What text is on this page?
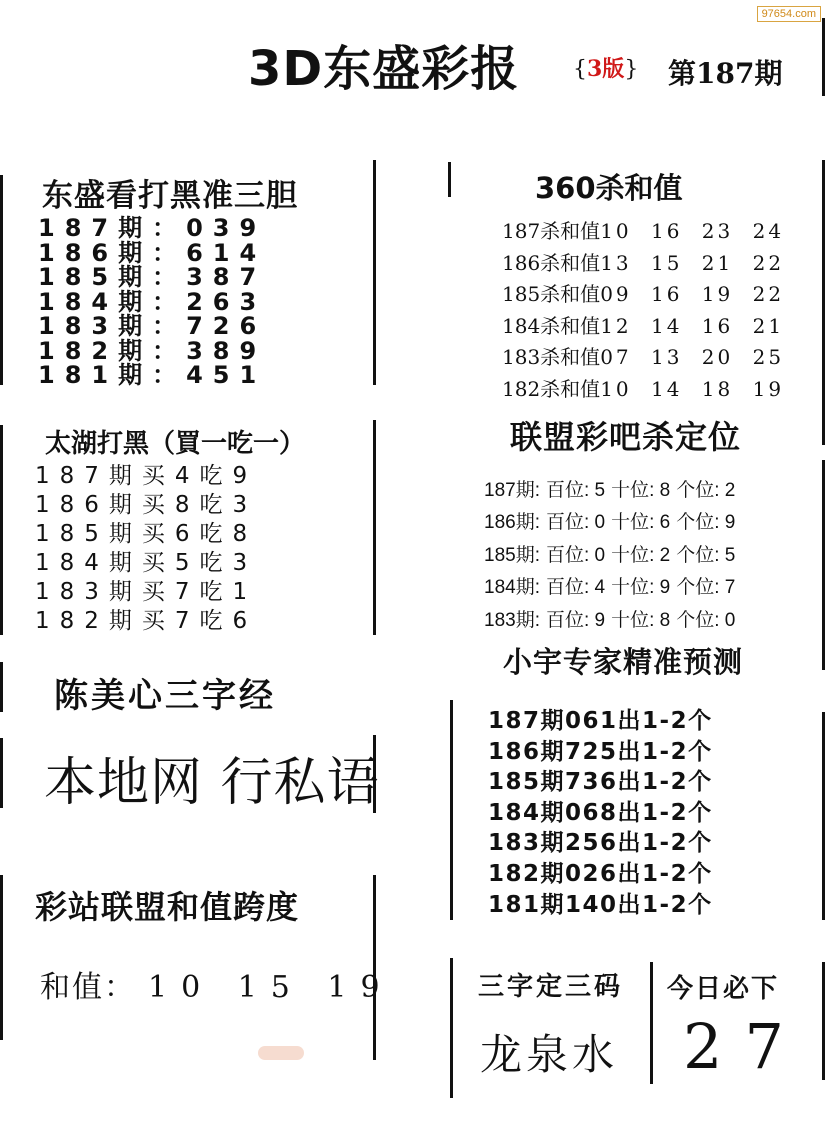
97654.com
3D东盛彩报 {3版} 第187期
东盛看打黑准三胆
187期：039
186期：614
185期：387
184期：263
183期：726
182期：389
181期：451
太湖打黑（買一吃一）
187期买4吃9
186期买8吃3
185期买6吃8
184期买5吃3
183期买7吃1
182期买7吃6
陈美心三字经
本地网 行私语
彩站联盟和值跨度
和值： 10 15 19
360杀和值
187杀和值10 16 23 24
186杀和值13 15 21 22
185杀和值09 16 19 22
184杀和值12 14 16 21
183杀和值07 13 20 25
182杀和值10 14 18 19
联盟彩吧杀定位
187期: 百位: 5 十位: 8 个位: 2
186期: 百位: 0 十位: 6 个位: 9
185期: 百位: 0 十位: 2 个位: 5
184期: 百位: 4 十位: 9 个位: 7
183期: 百位: 9 十位: 8 个位: 0
小宇专家精准预测
187期061出1-2个
186期725出1-2个
185期736出1-2个
184期068出1-2个
183期256出1-2个
182期026出1-2个
181期140出1-2个
三字定三码
龙泉水
今日必下
27
